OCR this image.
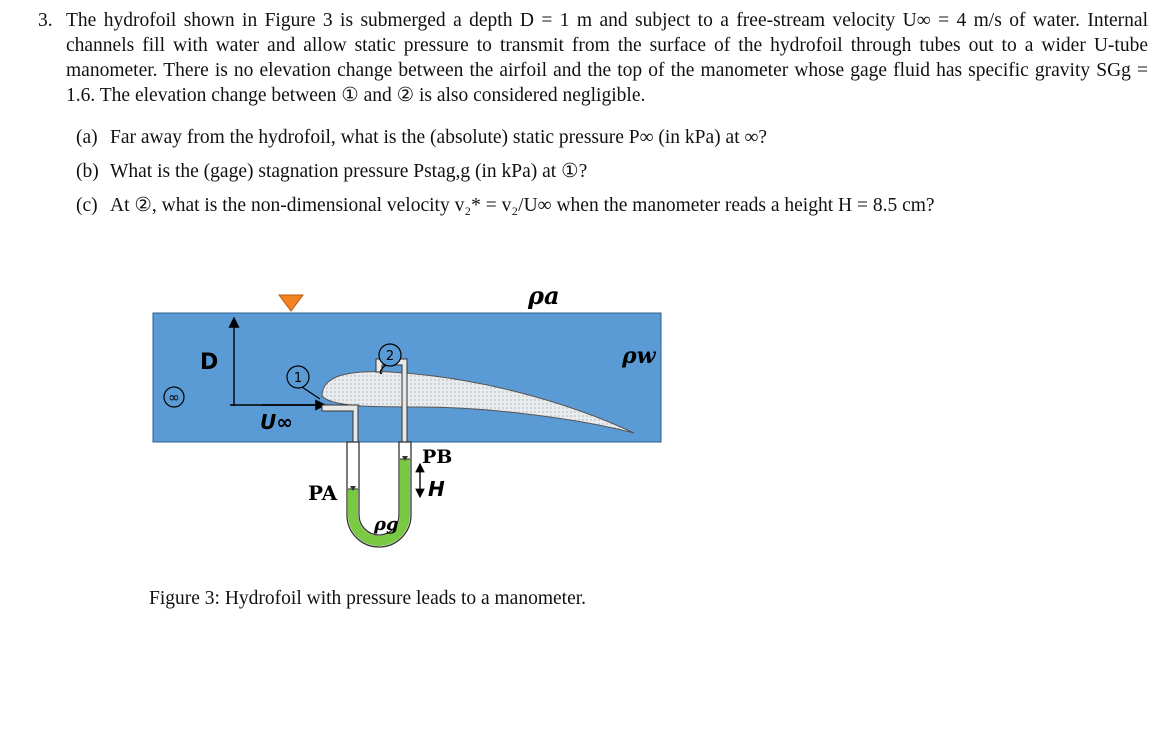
3. The hydrofoil shown in Figure 3 is submerged a depth D = 1 m and subject to a free-stream velocity U∞ = 4 m/s of water. Internal channels fill with water and allow static pressure to transmit from the surface of the hydrofoil through tubes out to a wider U-tube manometer. There is no elevation change between the airfoil and the top of the manometer whose gage fluid has specific gravity SGg = 1.6. The elevation change between ① and ② is also considered negligible.
(a) Far away from the hydrofoil, what is the (absolute) static pressure P∞ (in kPa) at ∞?
(b) What is the (gage) stagnation pressure Pstag,g (in kPa) at ①?
(c) At ②, what is the non-dimensional velocity v₂* = v₂/U∞ when the manometer reads a height H = 8.5 cm?
1
2
∞
ρa
ρw
D
U∞
PA
PB
H
ρg
Figure 3: Hydrofoil with pressure leads to a manometer.
